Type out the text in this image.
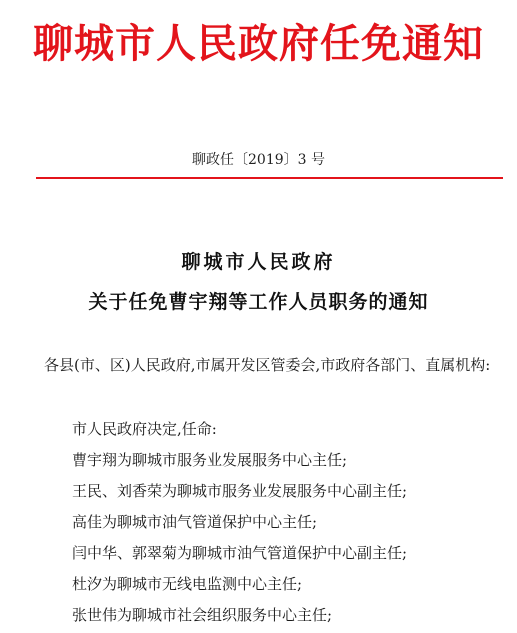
聊城市人民政府任免通知
聊政任〔2019〕3 号
聊城市人民政府
关于任免曹宇翔等工作人员职务的通知
各县(市、区)人民政府,市属开发区管委会,市政府各部门、直属机构:
市人民政府决定,任命:
曹宇翔为聊城市服务业发展服务中心主任;
王民、刘香荣为聊城市服务业发展服务中心副主任;
高佳为聊城市油气管道保护中心主任;
闫中华、郭翠菊为聊城市油气管道保护中心副主任;
杜汐为聊城市无线电监测中心主任;
张世伟为聊城市社会组织服务中心主任;
